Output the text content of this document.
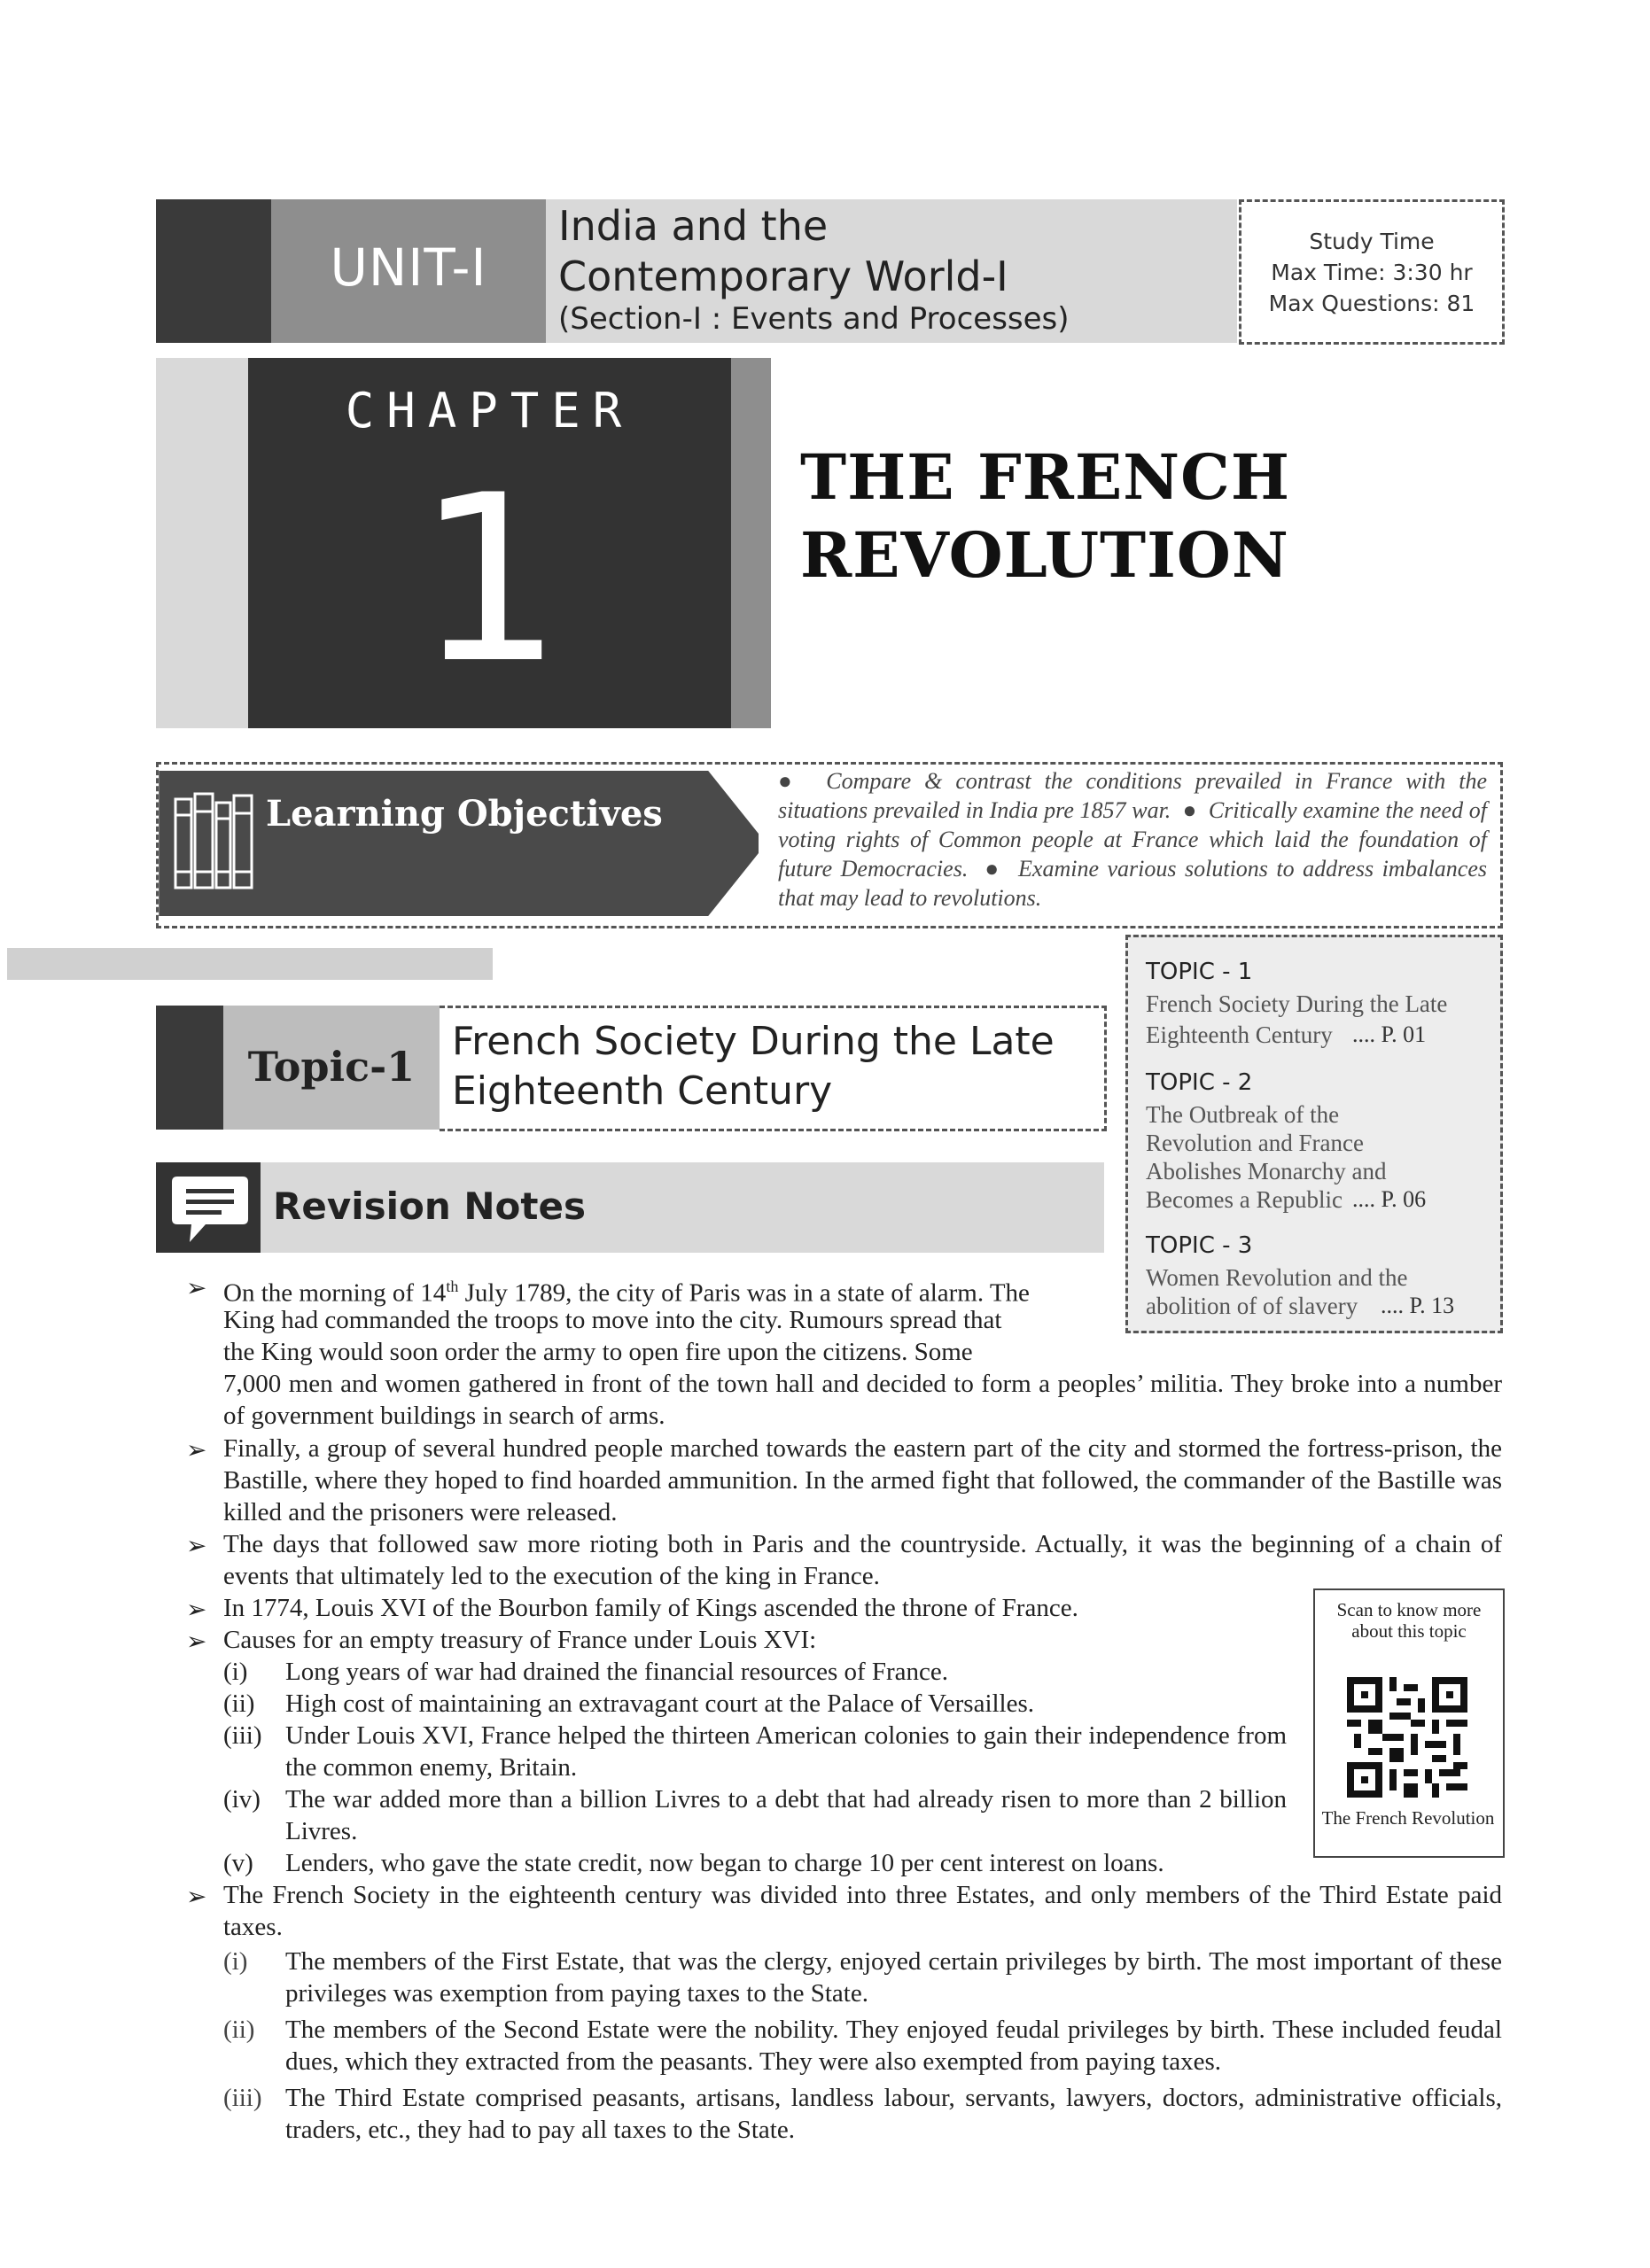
UNIT-I
India and the
Contemporary World-I
(Section-I : Events and Processes)
Study Time
Max Time: 3:30 hr
Max Questions: 81
CHAPTER
1	THE FRENCH
REVOLUTION
Learning Objectives
●  Compare & contrast the conditions prevailed in France with the situations prevailed in India pre 1857 war.  ●  Critically examine the need of voting rights of Common people at France which laid the foundation of future Democracies.  ●  Examine various solutions to address imbalances that may lead to revolutions.
Topic-1
French Society During the Late
Eighteenth Century
Revision Notes
TOPIC - 1
French Society During the Late
Eighteenth Century .... P. 01
TOPIC - 2
The Outbreak of the
Revolution and France
Abolishes Monarchy and
Becomes a Republic .... P. 06
TOPIC - 3
Women Revolution and the
abolition of of slavery .... P. 13
➢ On the morning of 14th July 1789, the city of Paris was in a state of alarm. The
King had commanded the troops to move into the city. Rumours spread that
the King would soon order the army to open fire upon the citizens. Some
7,000 men and women gathered in front of the town hall and decided to form a peoples’ militia. They broke into a number of government buildings in search of arms.
➢ Finally, a group of several hundred people marched towards the eastern part of the city and stormed the fortress-prison, the Bastille, where they hoped to find hoarded ammunition. In the armed fight that followed, the commander of the Bastille was killed and the prisoners were released.
➢ The days that followed saw more rioting both in Paris and the countryside. Actually, it was the beginning of a chain of events that ultimately led to the execution of the king in France.
➢ In 1774, Louis XVI of the Bourbon family of Kings ascended the throne of France.
➢ Causes for an empty treasury of France under Louis XVI:
(i) Long years of war had drained the financial resources of France.
(ii) High cost of maintaining an extravagant court at the Palace of Versailles.
(iii) Under Louis XVI, France helped the thirteen American colonies to gain their independence from the common enemy, Britain.
(iv) The war added more than a billion Livres to a debt that had already risen to more than 2 billion Livres.
(v) Lenders, who gave the state credit, now began to charge 10 per cent interest on loans.
Scan to know more about this topic
The French Revolution
➢ The French Society in the eighteenth century was divided into three Estates, and only members of the Third Estate paid taxes.
(i) The members of the First Estate, that was the clergy, enjoyed certain privileges by birth. The most important of these privileges was exemption from paying taxes to the State.
(ii) The members of the Second Estate were the nobility. They enjoyed feudal privileges by birth. These included feudal dues, which they extracted from the peasants. They were also exempted from paying taxes.
(iii) The Third Estate comprised peasants, artisans, landless labour, servants, lawyers, doctors, administrative officials, traders, etc., they had to pay all taxes to the State.
